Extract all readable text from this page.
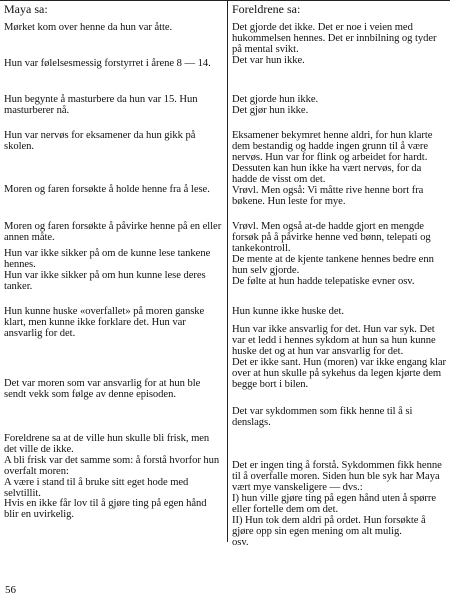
Maya sa:

Mørket kom over henne da hun var åtte.

Hun var følelsesmessig forstyrret i årene 8 — 14.

Hun begynte å masturbere da hun var 15. Hun masturberer nå.

Hun var nervøs for eksamener da hun gikk på skolen.

Moren og faren forsøkte å holde henne fra å lese.

Moren og faren forsøkte å påvirke henne på en eller annen måte.

Hun var ikke sikker på om de kunne lese tankene hennes.

Hun var ikke sikker på om hun kunne lese deres tanker.

Hun kunne huske «overfallet» på moren ganske klart, men kunne ikke forklare det. Hun var ansvarlig for det.

Det var moren som var ansvarlig for at hun ble sendt vekk som følge av denne episoden.

Foreldrene sa at de ville hun skulle bli frisk, men det ville de ikke.

A bli frisk var det samme som: å forstå hvorfor hun overfalt moren:

A være i stand til å bruke sitt eget hode med selvtillit.

Hvis en ikke får lov til å gjøre ting på egen hånd blir en uvirkelig.

Foreldrene sa:

Det gjorde det ikke. Det er noe i veien med hukommelsen hennes. Det er innbilning og tyder på mental svikt.

Det var hun ikke.

Det gjorde hun ikke.

Det gjør hun ikke.

Eksamener bekymret henne aldri, for hun klarte dem bestandig og hadde ingen grunn til å være nervøs. Hun var for flink og arbeidet for hardt. Dessuten kan hun ikke ha vært nervøs, for da hadde de visst om det.

Vrøvl. Men også: Vi måtte rive henne bort fra bøkene. Hun leste for mye.

Vrøvl. Men også at-de hadde gjort en mengde forsøk på å påvirke henne ved bønn, telepati og tankekontroll.

De mente at de kjente tankene hennes bedre enn hun selv gjorde.

De følte at hun hadde telepatiske evner osv.

Hun kunne ikke huske det.

Hun var ikke ansvarlig for det. Hun var syk. Det var et ledd i hennes sykdom at hun sa hun kunne huske det og at hun var ansvarlig for det.

Det er ikke sant. Hun (moren) var ikke engang klar over at hun skulle på sykehus da legen kjørte dem begge bort i bilen.

Det var sykdommen som fikk henne til å si denslags.

Det er ingen ting å forstå. Sykdommen fikk henne til å overfalle moren. Siden hun ble syk har Maya vært mye vanskeligere — dvs.:

I) hun ville gjøre ting på egen hånd uten å spørre eller fortelle dem om det.

II) Hun tok dem aldri på ordet. Hun forsøkte å gjøre opp sin egen mening om alt mulig.

osv.

56
